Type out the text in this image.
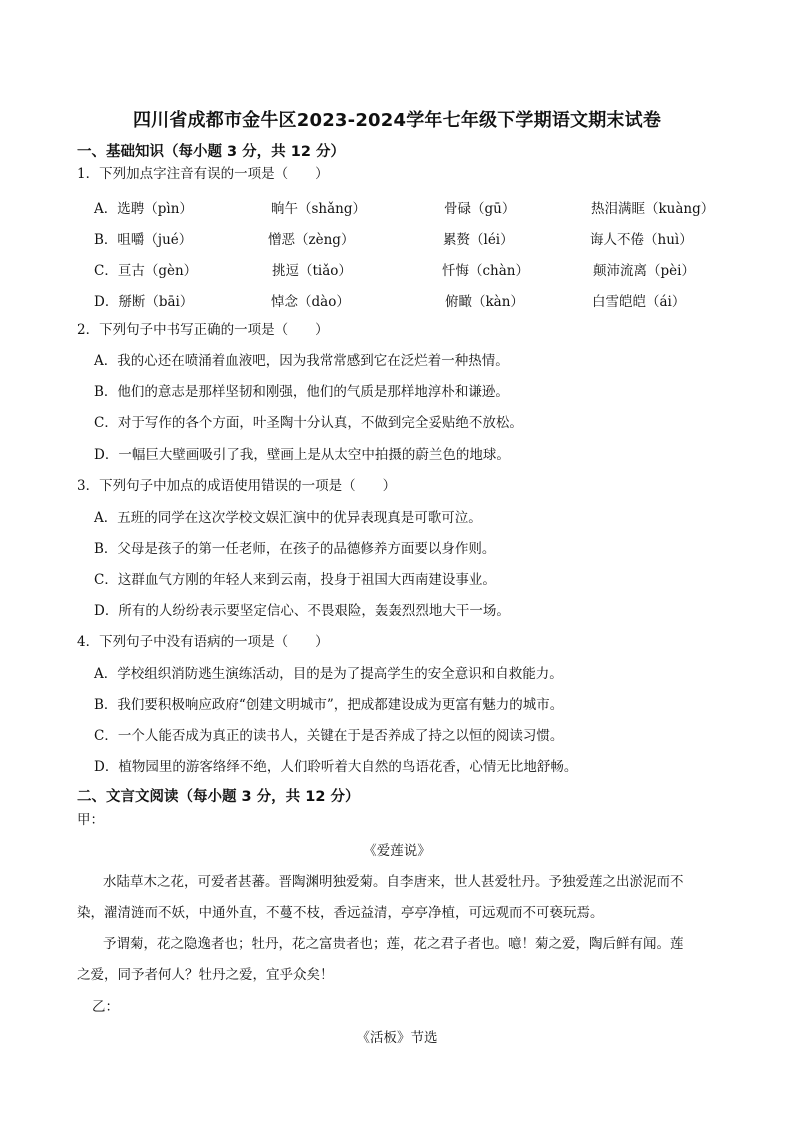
四川省成都市金牛区2023-2024学年七年级下学期语文期末试卷
一、基础知识（每小题 3 分，共 12 分）
1．下列加点字注音有误的一项是（　　）
A．选聘（pìn）	晌午（shǎng）	骨碌（gū）	热泪满眶（kuàng）
B．咀嚼（jué）	憎恶（zèng）	累赘（léi）	诲人不倦（huì）
C．亘古（gèn）	挑逗（tiǎo）	忏悔（chàn）	颠沛流离（pèi）
D．掰断（bāi）	悼念（dào）	俯瞰（kàn）	白雪皑皑（ái）
2．下列句子中书写正确的一项是（　　）
A．我的心还在喷涌着血液吧，因为我常常感到它在泛烂着一种热情。
B．他们的意志是那样坚韧和刚强，他们的气质是那样地淳朴和谦逊。
C．对于写作的各个方面，叶圣陶十分认真，不做到完全妥贴绝不放松。
D．一幅巨大壁画吸引了我，壁画上是从太空中拍摄的蔚兰色的地球。
3．下列句子中加点的成语使用错误的一项是（　　）
A．五班的同学在这次学校文娱汇演中的优异表现真是可歌可泣。
B．父母是孩子的第一任老师，在孩子的品德修养方面要以身作则。
C．这群血气方刚的年轻人来到云南，投身于祖国大西南建设事业。
D．所有的人纷纷表示要坚定信心、不畏艰险，轰轰烈烈地大干一场。
4．下列句子中没有语病的一项是（　　）
A．学校组织消防逃生演练活动，目的是为了提高学生的安全意识和自救能力。
B．我们要积极响应政府“创建文明城市”，把成都建设成为更富有魅力的城市。
C．一个人能否成为真正的读书人，关键在于是否养成了持之以恒的阅读习惯。
D．植物园里的游客络绎不绝，人们聆听着大自然的鸟语花香，心情无比地舒畅。
二、文言文阅读（每小题 3 分，共 12 分）
甲：
《爱莲说》
水陆草木之花，可爱者甚蕃。晋陶渊明独爱菊。自李唐来，世人甚爱牡丹。予独爱莲之出淤泥而不
染，濯清涟而不妖，中通外直，不蔓不枝，香远益清，亭亭净植，可远观而不可亵玩焉。
予谓菊，花之隐逸者也；牡丹，花之富贵者也；莲，花之君子者也。噫！菊之爱，陶后鲜有闻。莲
之爱，同予者何人？牡丹之爱，宜乎众矣！
乙：
《活板》节选
